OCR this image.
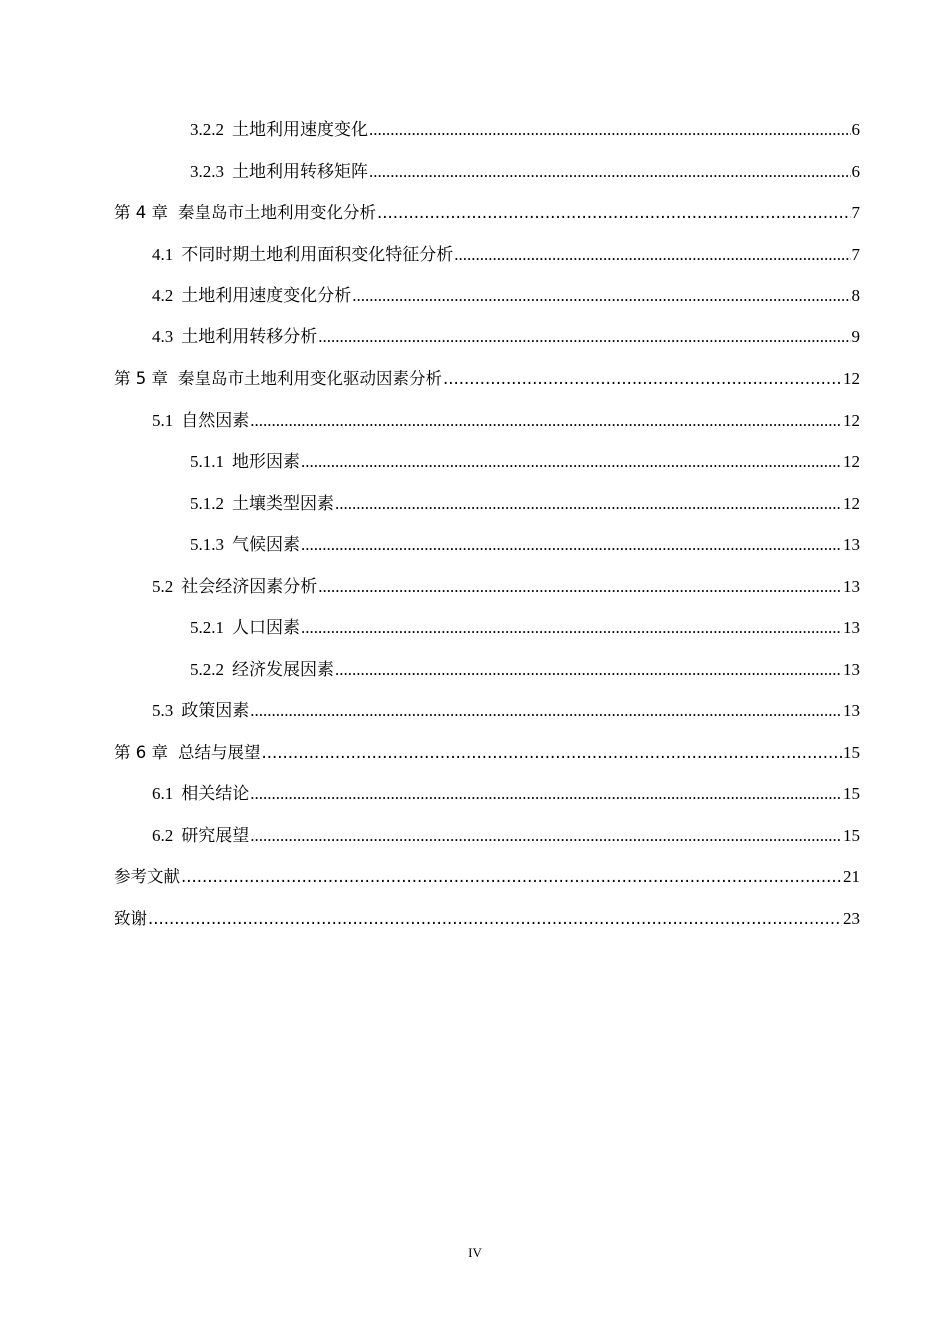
3.2.2 土地利用速度变化 .....	6
3.2.3 土地利用转移矩阵 .....	6
第 4 章 秦皇岛市土地利用变化分析 .....	7
4.1 不同时期土地利用面积变化特征分析 .....	7
4.2 土地利用速度变化分析 .....	8
4.3 土地利用转移分析 .....	9
第 5 章 秦皇岛市土地利用变化驱动因素分析 .....	12
5.1 自然因素 .....	12
5.1.1 地形因素 .....	12
5.1.2 土壤类型因素 .....	12
5.1.3 气候因素 .....	13
5.2 社会经济因素分析 .....	13
5.2.1 人口因素 .....	13
5.2.2 经济发展因素 .....	13
5.3 政策因素 .....	13
第 6 章 总结与展望 .....	15
6.1 相关结论 .....	15
6.2 研究展望 .....	15
参考文献 .....	21
致谢 .....	23
IV
